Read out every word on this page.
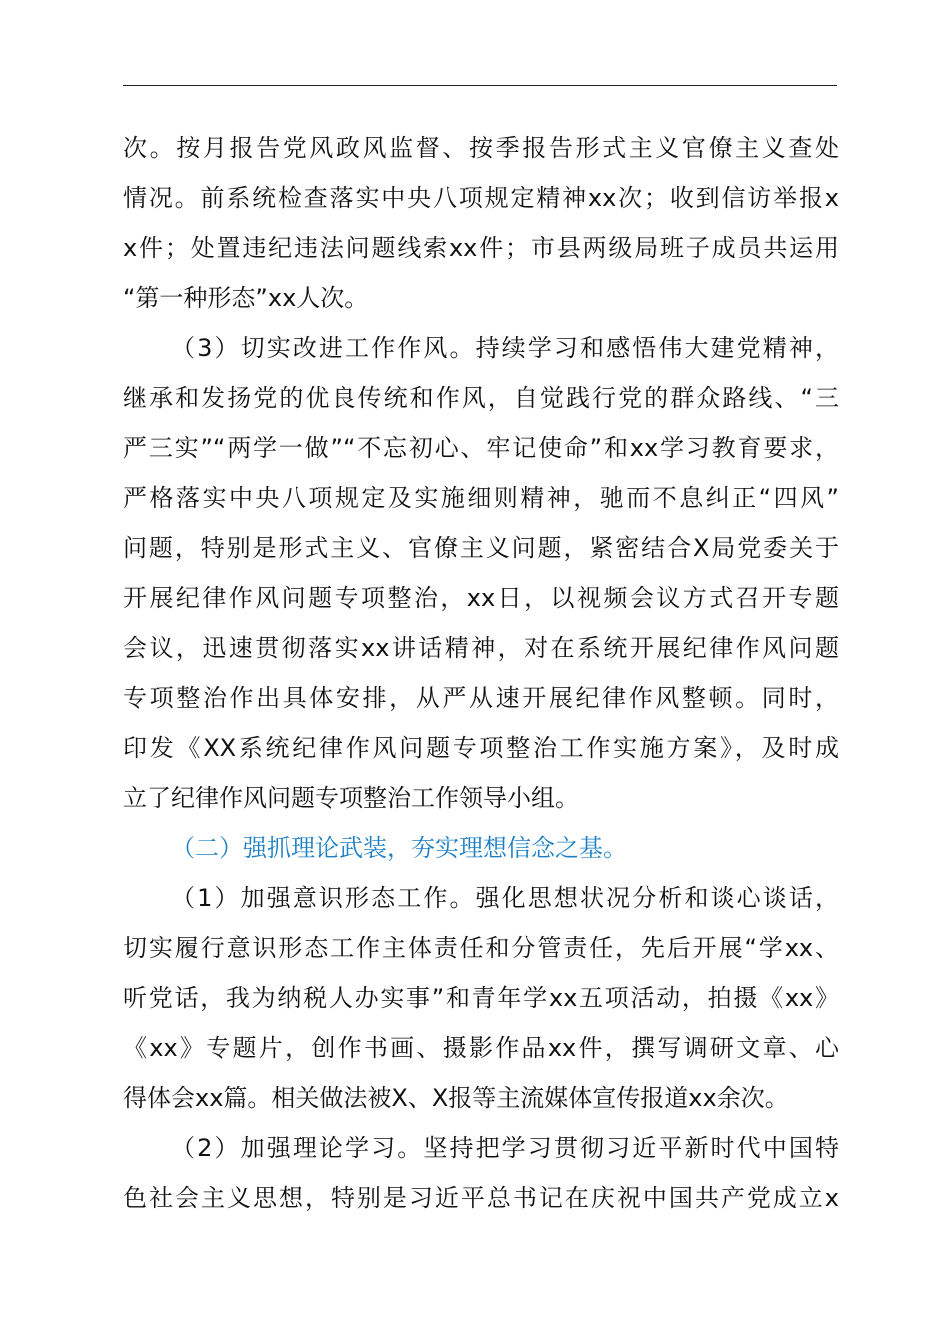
次。按月报告党风政风监督、按季报告形式主义官僚主义查处
情况。前系统检查落实中央八项规定精神xx次；收到信访举报x
x件；处置违纪违法问题线索xx件；市县两级局班子成员共运用
“第一种形态”xx人次。
（3）切实改进工作作风。持续学习和感悟伟大建党精神，
继承和发扬党的优良传统和作风，自觉践行党的群众路线、“三
严三实”“两学一做”“不忘初心、牢记使命”和xx学习教育要求，
严格落实中央八项规定及实施细则精神，驰而不息纠正“四风”
问题，特别是形式主义、官僚主义问题，紧密结合X局党委关于
开展纪律作风问题专项整治，xx日，以视频会议方式召开专题
会议，迅速贯彻落实xx讲话精神，对在系统开展纪律作风问题
专项整治作出具体安排，从严从速开展纪律作风整顿。同时，
印发《XX系统纪律作风问题专项整治工作实施方案》，及时成
立了纪律作风问题专项整治工作领导小组。
（二）强抓理论武装，夯实理想信念之基。
（1）加强意识形态工作。强化思想状况分析和谈心谈话，
切实履行意识形态工作主体责任和分管责任，先后开展“学xx、
听党话，我为纳税人办实事”和青年学xx五项活动，拍摄《xx》
《xx》专题片，创作书画、摄影作品xx件，撰写调研文章、心
得体会xx篇。相关做法被X、X报等主流媒体宣传报道xx余次。
（2）加强理论学习。坚持把学习贯彻习近平新时代中国特
色社会主义思想，特别是习近平总书记在庆祝中国共产党成立x
